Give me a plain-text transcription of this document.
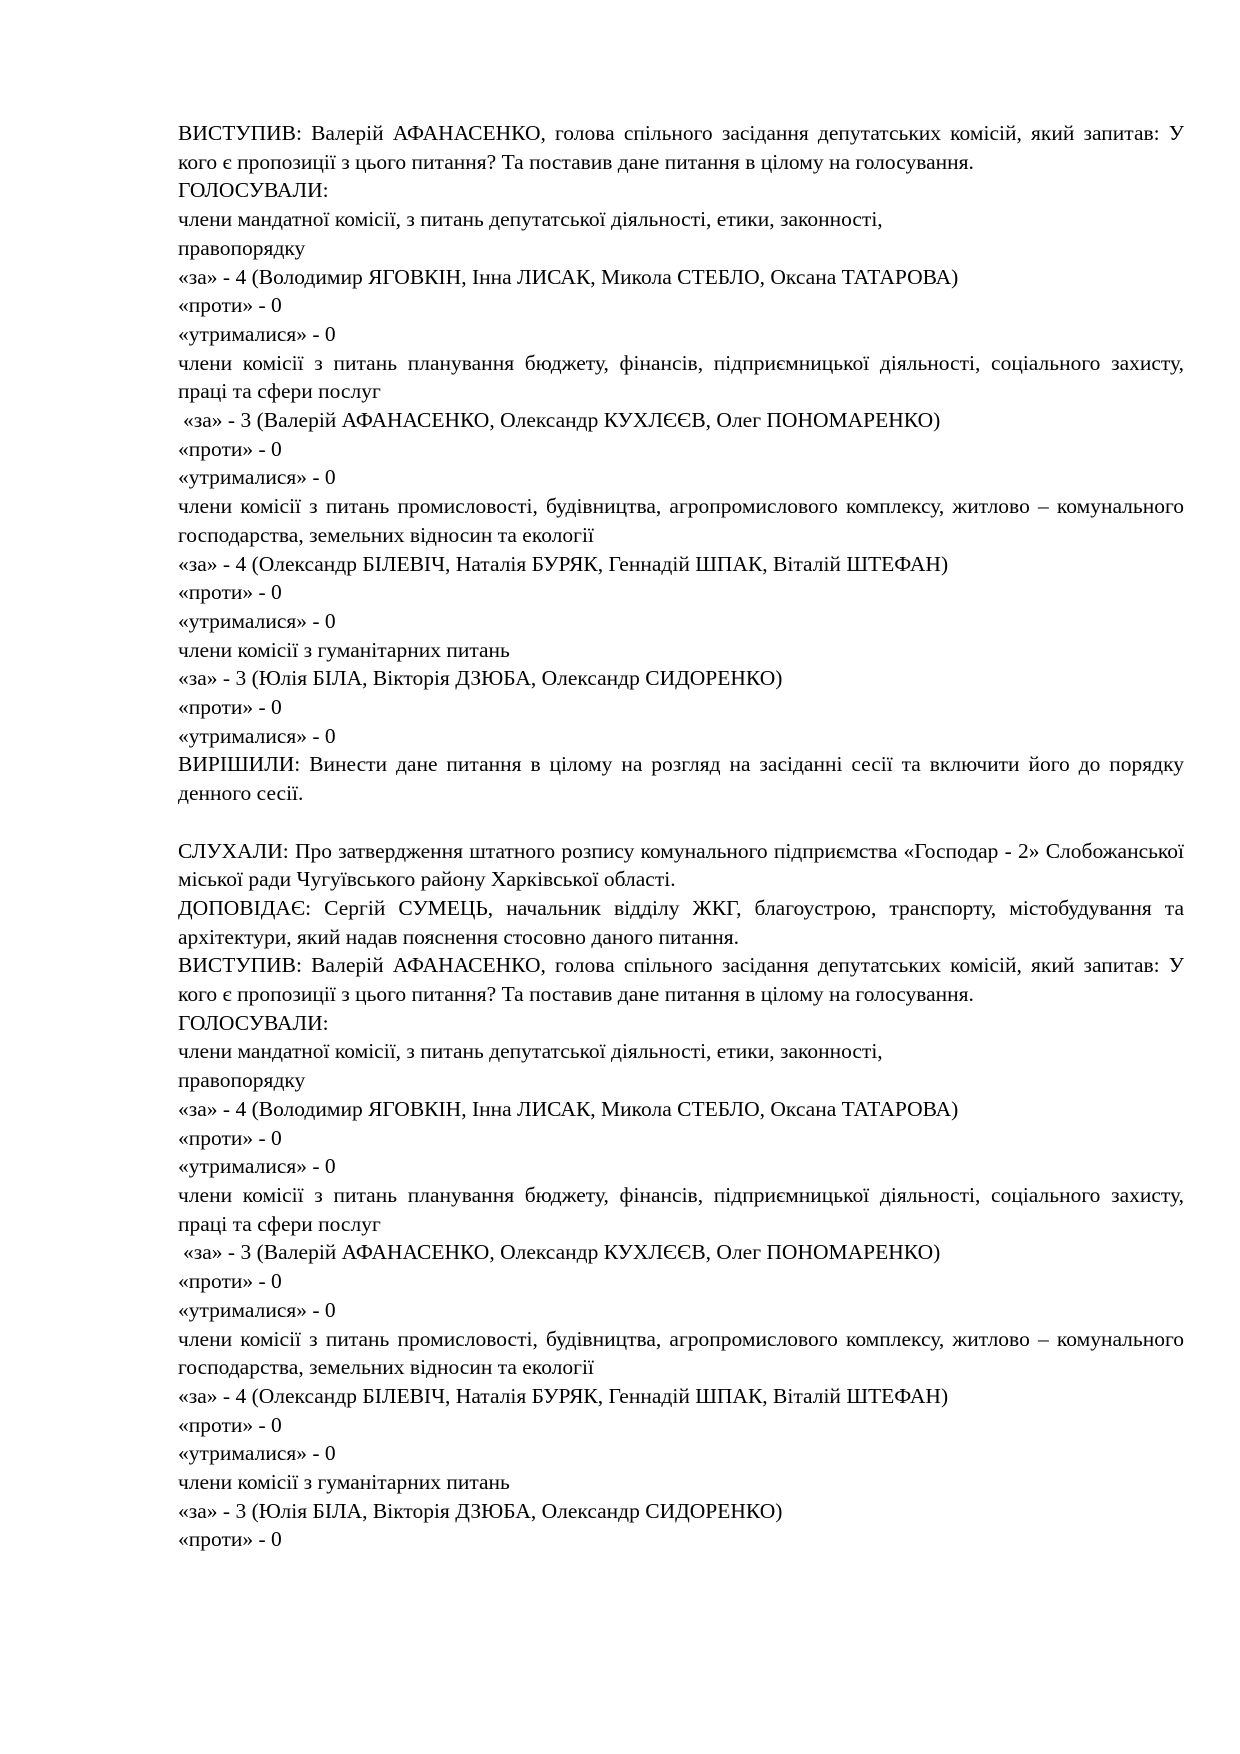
ВИСТУПИВ: Валерій АФАНАСЕНКО, голова спільного засідання депутатських комісій, який запитав: У кого є пропозиції з цього питання? Та поставив дане питання в цілому на голосування.

ГОЛОСУВАЛИ:

члени мандатної комісії, з питань депутатської діяльності, етики, законності,

правопорядку

«за» - 4 (Володимир ЯГОВКІН, Інна ЛИСАК, Микола СТЕБЛО, Оксана ТАТАРОВА)

«проти» - 0

«утрималися» - 0

члени комісії з питань планування бюджету, фінансів, підприємницької діяльності, соціального захисту, праці та сфери послуг

«за» - 3 (Валерій АФАНАСЕНКО, Олександр КУХЛЄЄВ, Олег ПОНОМАРЕНКО)

«проти» - 0

«утрималися» - 0

члени комісії з питань промисловості, будівництва, агропромислового комплексу, житлово – комунального господарства, земельних відносин та екології

«за» - 4 (Олександр БІЛЕВІЧ, Наталія БУРЯК, Геннадій ШПАК, Віталій ШТЕФАН)

«проти» - 0

«утрималися» - 0

члени комісії з гуманітарних питань

«за» - 3 (Юлія БІЛА, Вікторія ДЗЮБА, Олександр СИДОРЕНКО)

«проти» - 0

«утрималися» - 0

ВИРІШИЛИ: Винести дане питання в цілому на розгляд на засіданні сесії та включити його до порядку денного сесії.

СЛУХАЛИ: Про затвердження штатного розпису комунального підприємства «Господар - 2» Слобожанської міської ради Чугуївського району Харківської області.

ДОПОВІДАЄ: Сергій СУМЕЦЬ, начальник відділу ЖКГ, благоустрою, транспорту, містобудування та архітектури, який надав пояснення стосовно даного питання.

ВИСТУПИВ: Валерій АФАНАСЕНКО, голова спільного засідання депутатських комісій, який запитав: У кого є пропозиції з цього питання? Та поставив дане питання в цілому на голосування.

ГОЛОСУВАЛИ:

члени мандатної комісії, з питань депутатської діяльності, етики, законності,

правопорядку

«за» - 4 (Володимир ЯГОВКІН, Інна ЛИСАК, Микола СТЕБЛО, Оксана ТАТАРОВА)

«проти» - 0

«утрималися» - 0

члени комісії з питань планування бюджету, фінансів, підприємницької діяльності, соціального захисту, праці та сфери послуг

«за» - 3 (Валерій АФАНАСЕНКО, Олександр КУХЛЄЄВ, Олег ПОНОМАРЕНКО)

«проти» - 0

«утрималися» - 0

члени комісії з питань промисловості, будівництва, агропромислового комплексу, житлово – комунального господарства, земельних відносин та екології

«за» - 4 (Олександр БІЛЕВІЧ, Наталія БУРЯК, Геннадій ШПАК, Віталій ШТЕФАН)

«проти» - 0

«утрималися» - 0

члени комісії з гуманітарних питань

«за» - 3 (Юлія БІЛА, Вікторія ДЗЮБА, Олександр СИДОРЕНКО)

«проти» - 0
